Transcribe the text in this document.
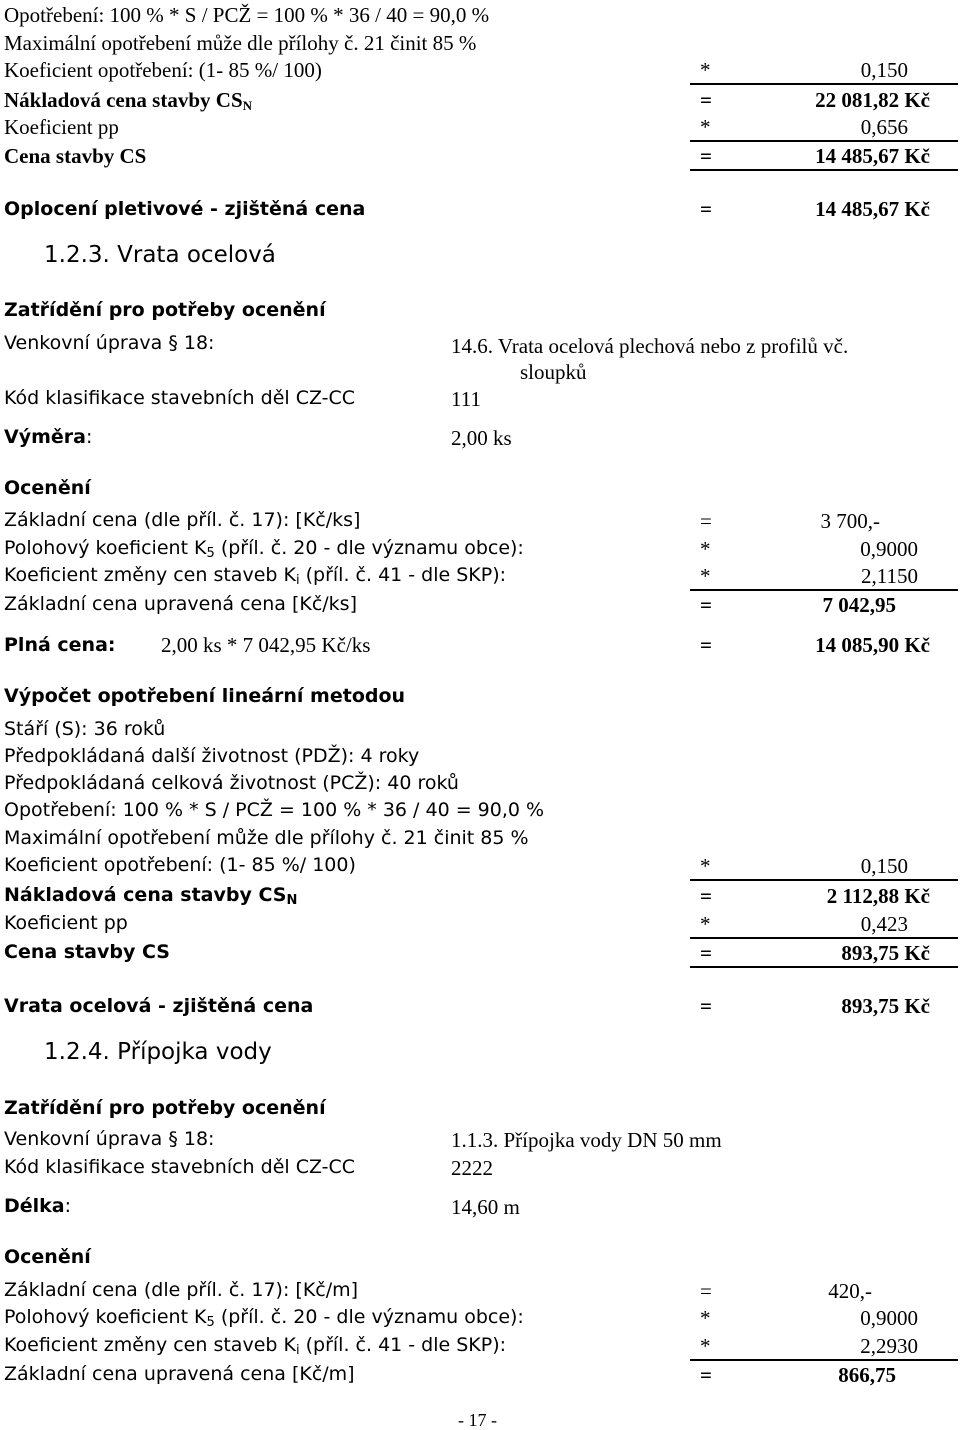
Opotřebení: 100 % * S / PCŽ = 100 % * 36 / 40 = 90,0 %
Maximální opotřebení může dle přílohy č. 21 činit 85 %
Koeficient opotřebení: (1- 85 %/ 100)	*	0,150
Nákladová cena stavby $CS_N$	=	22 081,82 Kč
Koeficient pp	*	0,656
Cena stavby CS	=	14 485,67 Kč
Oplocení pletivové - zjištěná cena	=	14 485,67 Kč
1.2.3. Vrata ocelová
Zatřídění pro potřeby ocenění
Venkovní úprava § 18:	14.6. Vrata ocelová plechová nebo z profilů vč.
sloupků
Kód klasifikace stavebních děl CZ-CC	111
Výměra:	2,00 ks
Ocenění
Základní cena (dle příl. č. 17): [Kč/ks]	=	3 700,-
Polohový koeficient $K_5$ (příl. č. 20 - dle významu obce):	*	0,9000
Koeficient změny cen staveb $K_i$ (příl. č. 41 - dle SKP):	*	2,1150
Základní cena upravená cena [Kč/ks]	=	7 042,95
Plná cena: 2,00 ks * 7 042,95 Kč/ks	=	14 085,90 Kč
Výpočet opotřebení lineární metodou
Stáří (S): 36 roků
Předpokládaná další životnost (PDŽ): 4 roky
Předpokládaná celková životnost (PCŽ): 40 roků
Opotřebení: 100 % * S / PCŽ = 100 % * 36 / 40 = 90,0 %
Maximální opotřebení může dle přílohy č. 21 činit 85 %
Koeficient opotřebení: (1- 85 %/ 100)	*	0,150
Nákladová cena stavby $CS_N$	=	2 112,88 Kč
Koeficient pp	*	0,423
Cena stavby CS	=	893,75 Kč
Vrata ocelová - zjištěná cena	=	893,75 Kč
1.2.4. Přípojka vody
Zatřídění pro potřeby ocenění
Venkovní úprava § 18:	1.1.3. Přípojka vody DN 50 mm
Kód klasifikace stavebních děl CZ-CC	2222
Délka:	14,60 m
Ocenění
Základní cena (dle příl. č. 17): [Kč/m]	=	420,-
Polohový koeficient $K_5$ (příl. č. 20 - dle významu obce):	*	0,9000
Koeficient změny cen staveb $K_i$ (příl. č. 41 - dle SKP):	*	2,2930
Základní cena upravená cena [Kč/m]	=	866,75
- 17 -
